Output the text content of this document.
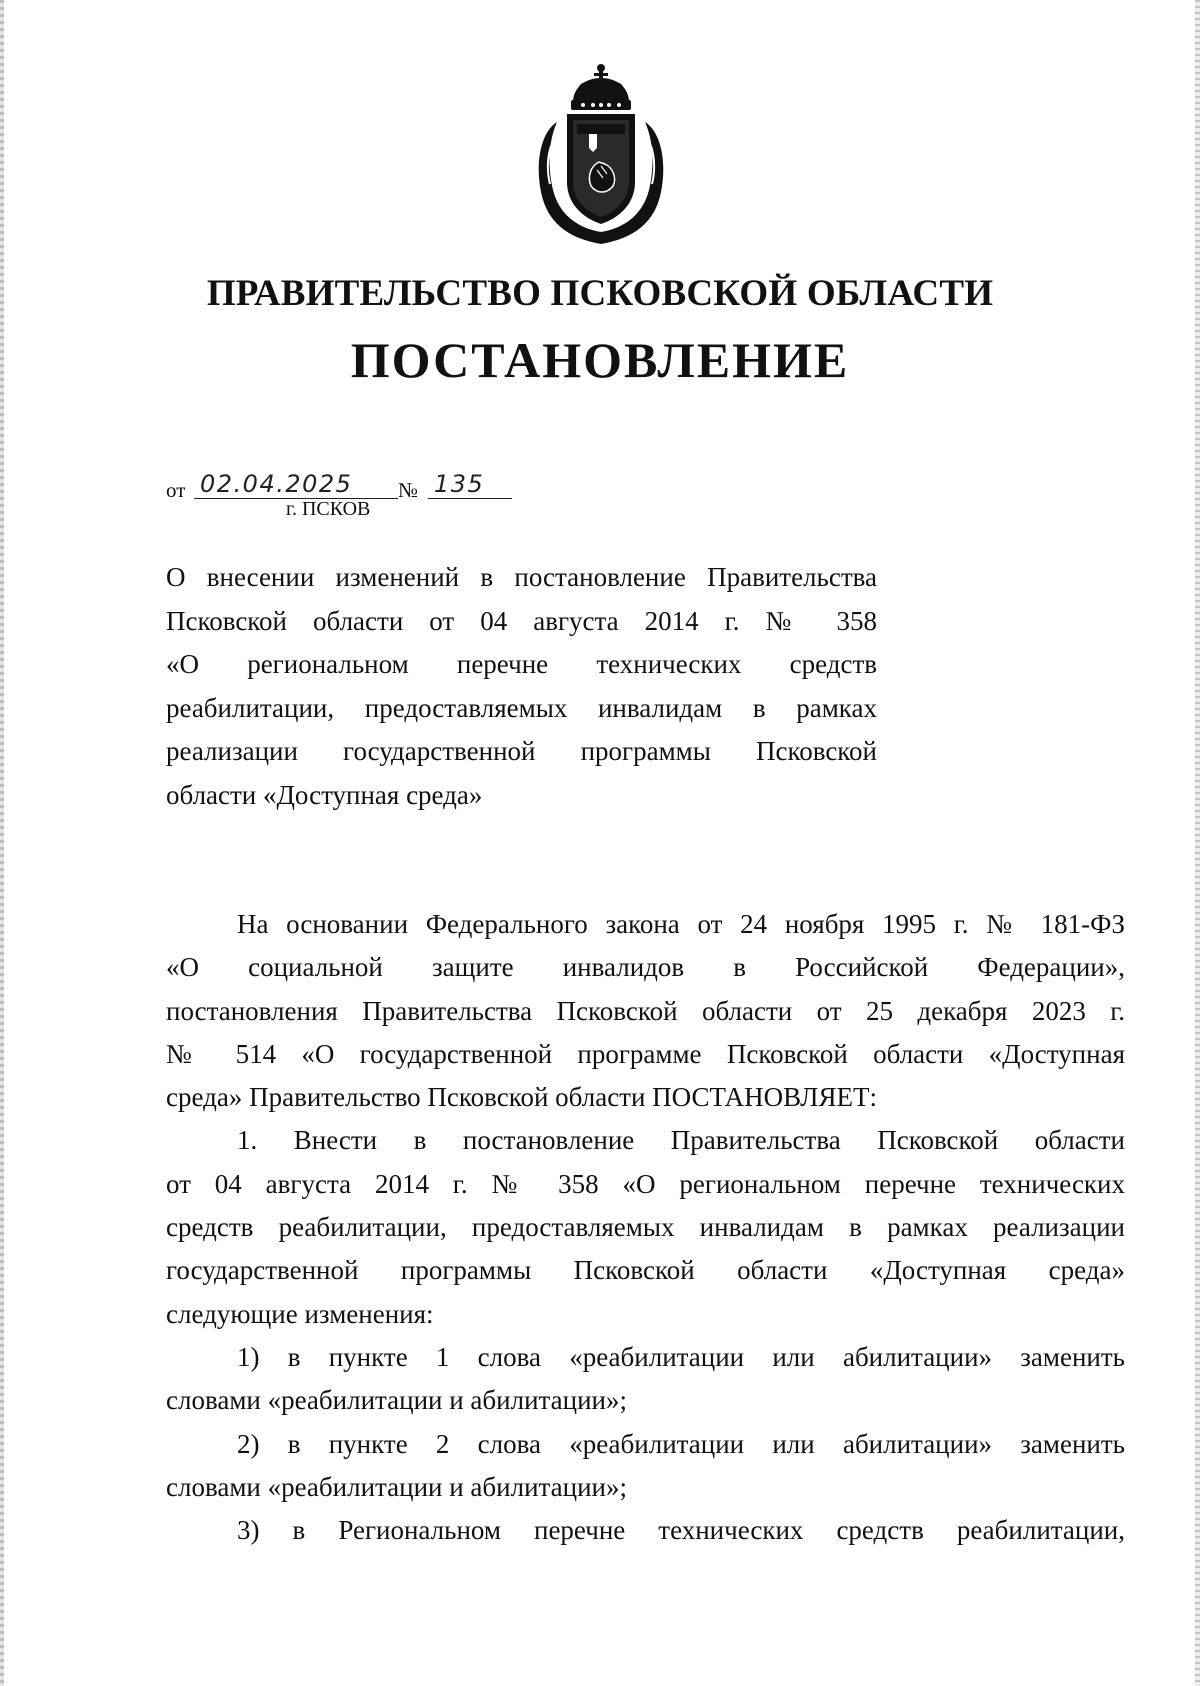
ПРАВИТЕЛЬСТВО ПСКОВСКОЙ ОБЛАСТИ
ПОСТАНОВЛЕНИЕ
от 02.04.2025	№ 135
г. ПСКОВ
О внесении изменений в постановление Правительства
Псковской области от 04 августа 2014 г. № 358
«О региональном перечне технических средств
реабилитации, предоставляемых инвалидам в рамках
реализации государственной программы Псковской
области «Доступная среда»
На основании Федерального закона от 24 ноября 1995 г. № 181-ФЗ
«О социальной защите инвалидов в Российской Федерации»,
постановления Правительства Псковской области от 25 декабря 2023 г.
№ 514 «О государственной программе Псковской области «Доступная
среда» Правительство Псковской области ПОСТАНОВЛЯЕТ:
1. Внести в постановление Правительства Псковской области
от 04 августа 2014 г. № 358 «О региональном перечне технических
средств реабилитации, предоставляемых инвалидам в рамках реализации
государственной программы Псковской области «Доступная среда»
следующие изменения:
1) в пункте 1 слова «реабилитации или абилитации» заменить
словами «реабилитации и абилитации»;
2) в пункте 2 слова «реабилитации или абилитации» заменить
словами «реабилитации и абилитации»;
3) в Региональном перечне технических средств реабилитации,
